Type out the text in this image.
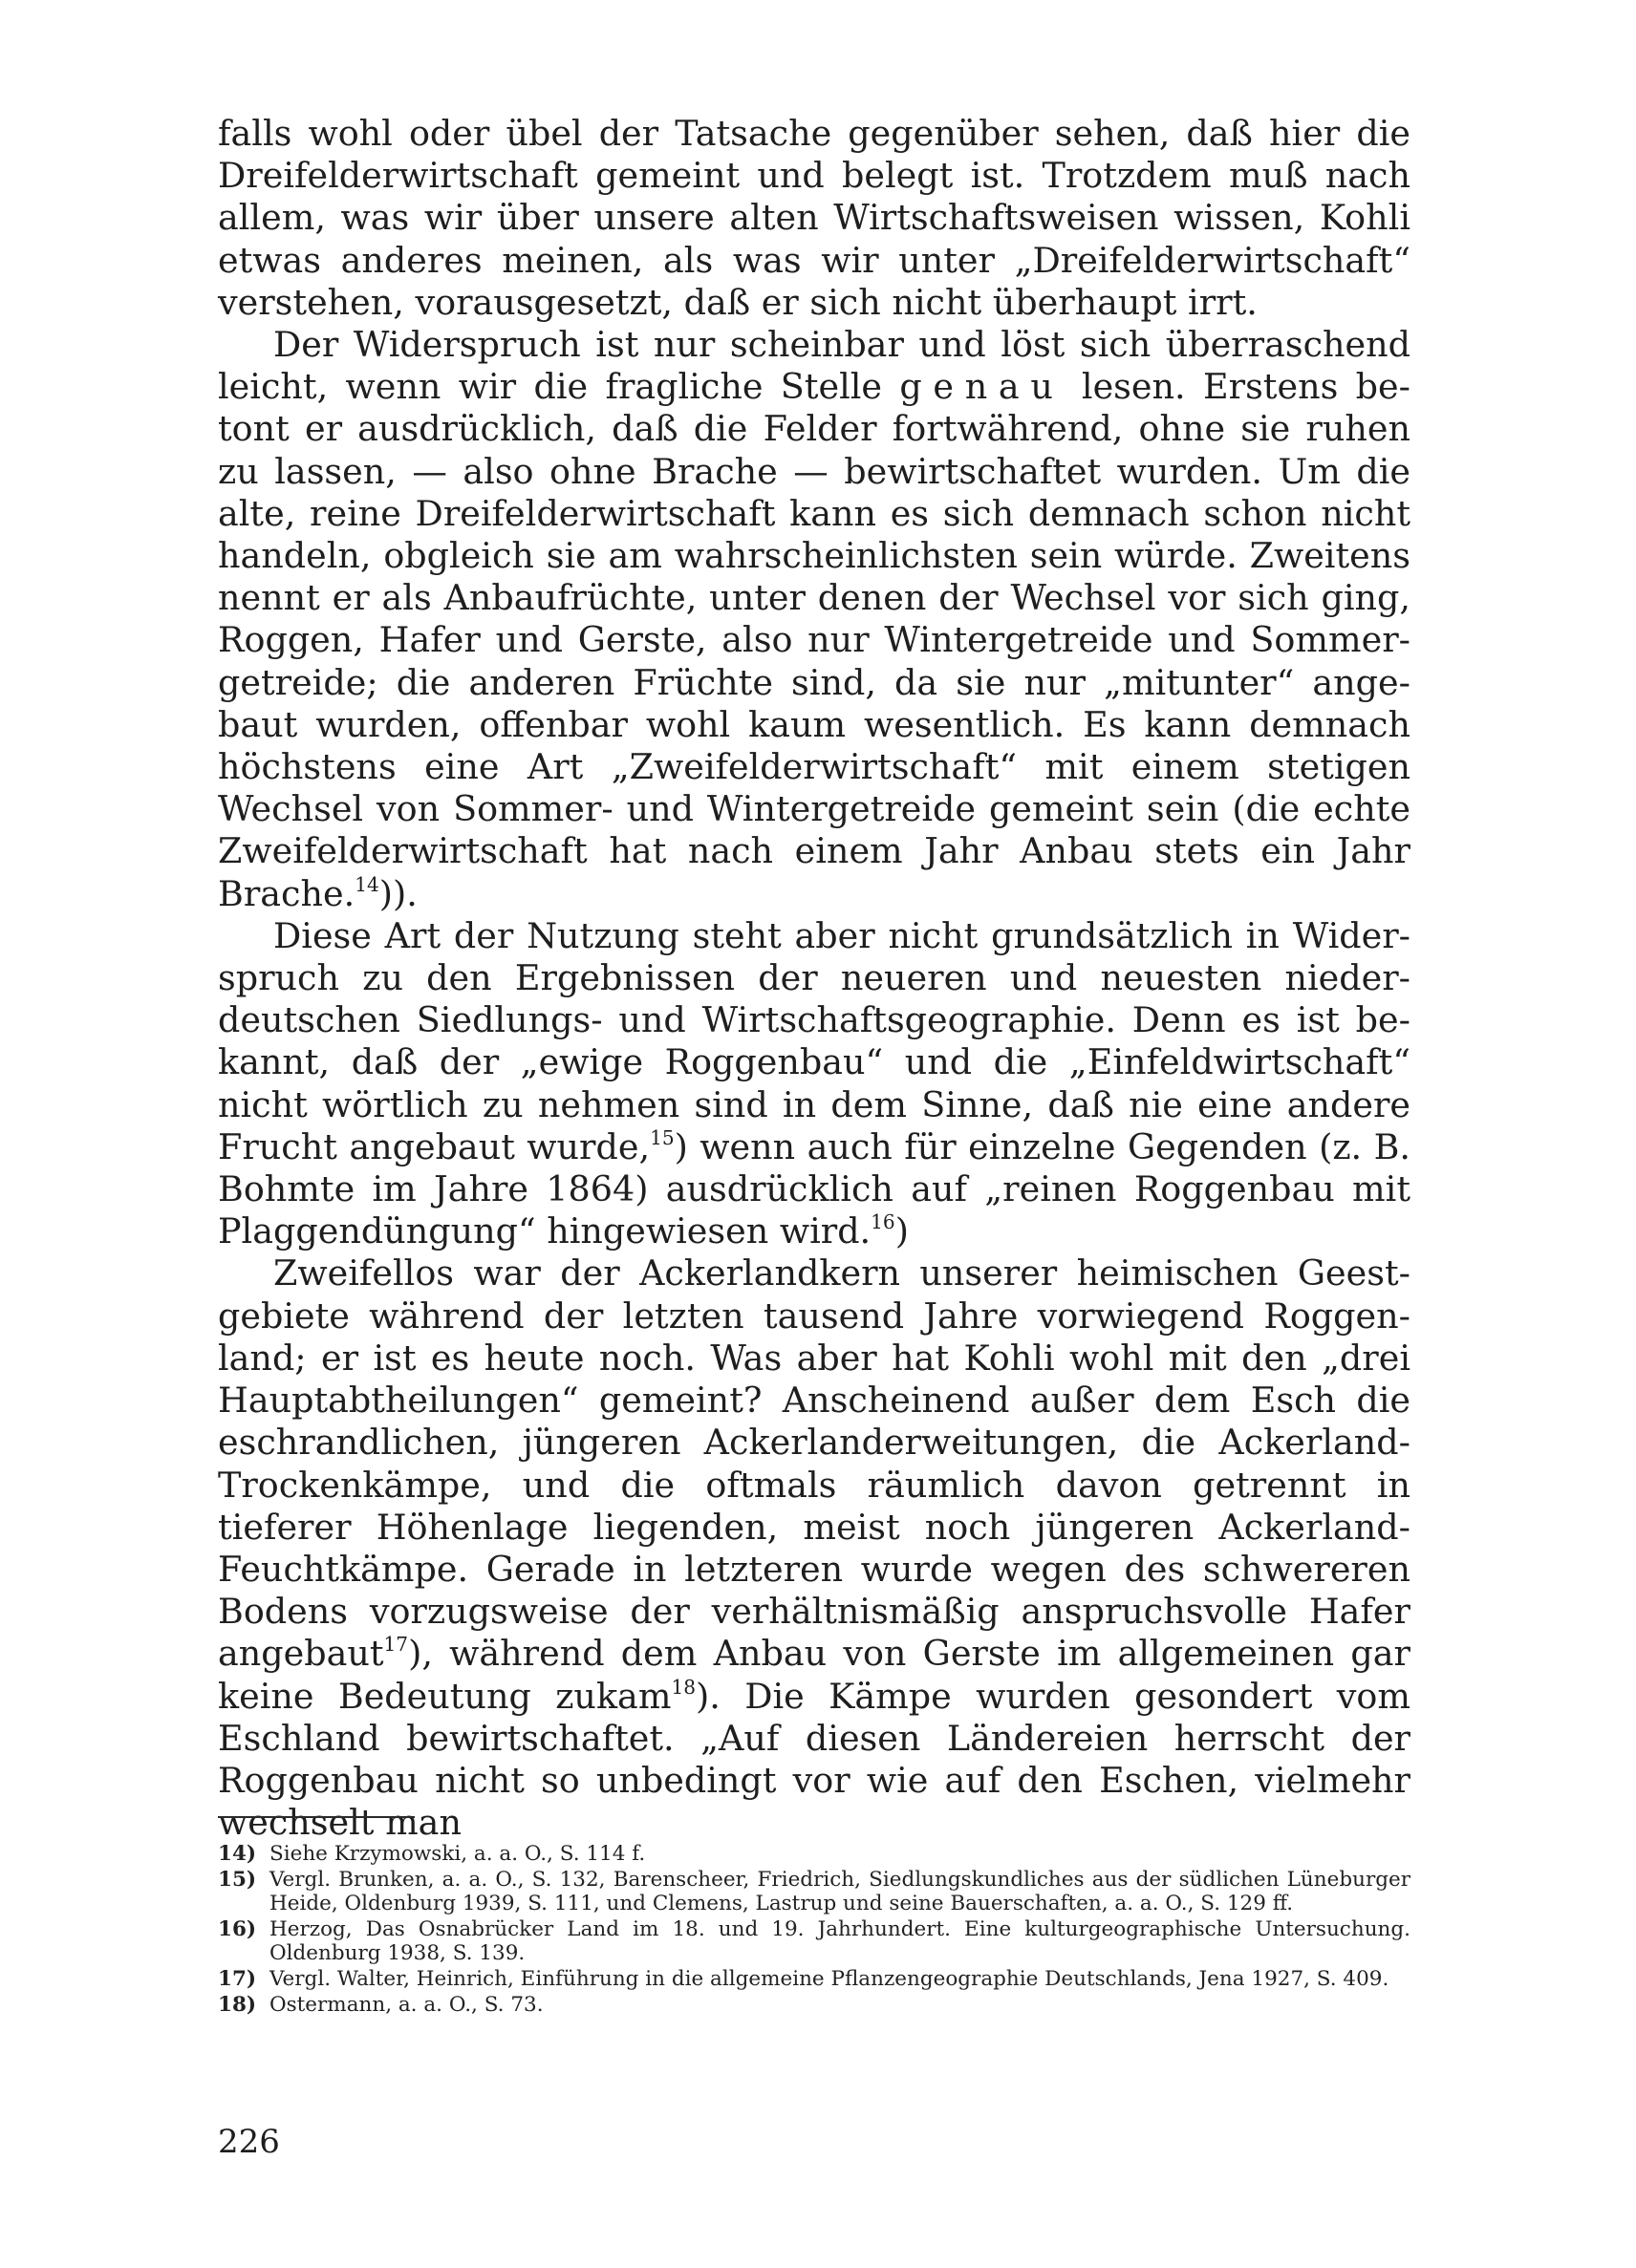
falls wohl oder übel der Tatsache gegenüber sehen, daß hier die Dreifelderwirtschaft gemeint und belegt ist. Trotzdem muß nach allem, was wir über unsere alten Wirtschaftsweisen wissen, Kohli etwas anderes meinen, als was wir unter „Dreifelderwirtschaft“ verstehen, vorausgesetzt, daß er sich nicht überhaupt irrt.

Der Widerspruch ist nur scheinbar und löst sich überraschend leicht, wenn wir die fragliche Stelle genau lesen. Erstens betont er ausdrücklich, daß die Felder fortwährend, ohne sie ruhen zu lassen, — also ohne Brache — bewirtschaftet wurden. Um die alte, reine Dreifelderwirtschaft kann es sich demnach schon nicht handeln, obgleich sie am wahrscheinlichsten sein würde. Zweitens nennt er als Anbaufrüchte, unter denen der Wechsel vor sich ging, Roggen, Hafer und Gerste, also nur Wintergetreide und Sommergetreide; die anderen Früchte sind, da sie nur „mitunter“ angebaut wurden, offenbar wohl kaum wesentlich. Es kann demnach höchstens eine Art „Zweifelderwirtschaft“ mit einem stetigen Wechsel von Sommer- und Wintergetreide gemeint sein (die echte Zweifelderwirtschaft hat nach einem Jahr Anbau stets ein Jahr Brache.$^{14}$)).

Diese Art der Nutzung steht aber nicht grundsätzlich in Widerspruch zu den Ergebnissen der neueren und neuesten niederdeutschen Siedlungs- und Wirtschaftsgeographie. Denn es ist bekannt, daß der „ewige Roggenbau“ und die „Einfeldwirtschaft“ nicht wörtlich zu nehmen sind in dem Sinne, daß nie eine andere Frucht angebaut wurde,$^{15}$) wenn auch für einzelne Gegenden (z. B. Bohmte im Jahre 1864) ausdrücklich auf „reinen Roggenbau mit Plaggendüngung“ hingewiesen wird.$^{16}$)

Zweifellos war der Ackerlandkern unserer heimischen Geestgebiete während der letzten tausend Jahre vorwiegend Roggenland; er ist es heute noch. Was aber hat Kohli wohl mit den „drei Hauptabtheilungen“ gemeint? Anscheinend außer dem Esch die eschrandlichen, jüngeren Ackerlanderweitungen, die Ackerland-Trockenkämpe, und die oftmals räumlich davon getrennt in tieferer Höhenlage liegenden, meist noch jüngeren Ackerland-Feuchtkämpe. Gerade in letzteren wurde wegen des schwereren Bodens vorzugsweise der verhältnismäßig anspruchsvolle Hafer angebaut$^{17}$), während dem Anbau von Gerste im allgemeinen gar keine Bedeutung zukam$^{18}$). Die Kämpe wurden gesondert vom Eschland bewirtschaftet. „Auf diesen Ländereien herrscht der Roggenbau nicht so unbedingt vor wie auf den Eschen, vielmehr wechselt man

14) Siehe Krzymowski, a. a. O., S. 114 f.
15) Vergl. Brunken, a. a. O., S. 132, Barenscheer, Friedrich, Siedlungskundliches aus der südlichen Lüneburger Heide, Oldenburg 1939, S. 111, und Clemens, Lastrup und seine Bauerschaften, a. a. O., S. 129 ff.
16) Herzog, Das Osnabrücker Land im 18. und 19. Jahrhundert. Eine kulturgeographische Untersuchung. Oldenburg 1938, S. 139.
17) Vergl. Walter, Heinrich, Einführung in die allgemeine Pflanzengeographie Deutschlands, Jena 1927, S. 409.
18) Ostermann, a. a. O., S. 73.
226
